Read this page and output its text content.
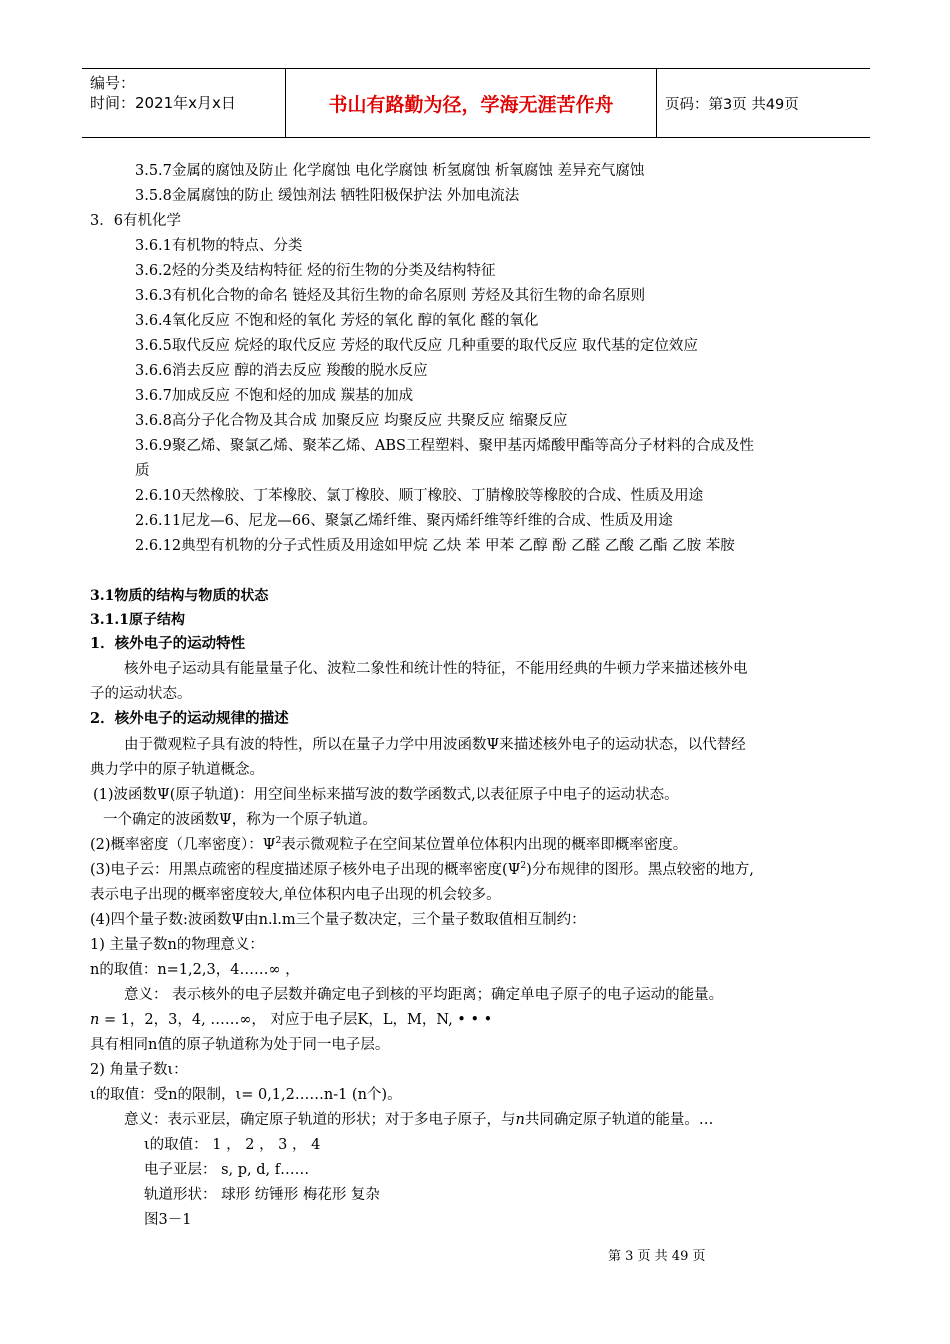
编号：
时间：2021年x月x日	书山有路勤为径，学海无涯苦作舟	页码：第3页 共49页
3.5.7金属的腐蚀及防止 化学腐蚀 电化学腐蚀 析氢腐蚀 析氧腐蚀 差异充气腐蚀
3.5.8金属腐蚀的防止 缓蚀剂法 牺牲阳极保护法 外加电流法
3．6有机化学
3.6.1有机物的特点、分类
3.6.2烃的分类及结构特征 烃的衍生物的分类及结构特征
3.6.3有机化合物的命名 链烃及其衍生物的命名原则 芳烃及其衍生物的命名原则
3.6.4氧化反应 不饱和烃的氧化 芳烃的氧化 醇的氧化 醛的氧化
3.6.5取代反应 烷烃的取代反应 芳烃的取代反应 几种重要的取代反应 取代基的定位效应
3.6.6消去反应 醇的消去反应 羧酸的脱水反应
3.6.7加成反应 不饱和烃的加成 羰基的加成
3.6.8高分子化合物及其合成 加聚反应 均聚反应 共聚反应 缩聚反应
3.6.9聚乙烯、聚氯乙烯、聚苯乙烯、ABS工程塑料、聚甲基丙烯酸甲酯等高分子材料的合成及性
质
2.6.10天然橡胶、丁苯橡胶、氯丁橡胶、顺丁橡胶、丁腈橡胶等橡胶的合成、性质及用途
2.6.11尼龙—6、尼龙—66、聚氯乙烯纤维、聚丙烯纤维等纤维的合成、性质及用途
2.6.12典型有机物的分子式性质及用途如甲烷 乙炔 苯 甲苯 乙醇 酚 乙醛 乙酸 乙酯 乙胺 苯胺
3.1物质的结构与物质的状态
3.1.1原子结构
1．核外电子的运动特性
核外电子运动具有能量量子化、波粒二象性和统计性的特征，不能用经典的牛顿力学来描述核外电
子的运动状态。
2．核外电子的运动规律的描述
由于微观粒子具有波的特性，所以在量子力学中用波函数Ψ来描述核外电子的运动状态，以代替经
典力学中的原子轨道概念。
(1)波函数Ψ(原子轨道)：用空间坐标来描写波的数学函数式,以表征原子中电子的运动状态。
一个确定的波函数Ψ，称为一个原子轨道。
(2)概率密度（几率密度）：$\Psi^2$表示微观粒子在空间某位置单位体积内出现的概率即概率密度。
(3)电子云：用黑点疏密的程度描述原子核外电子出现的概率密度$(\Psi^2)$分布规律的图形。黑点较密的地方,
表示电子出现的概率密度较大,单位体积内电子出现的机会较多。
(4)四个量子数:波函数Ψ由n.l.m三个量子数决定，三个量子数取值相互制约：
1) 主量子数n的物理意义：
n的取值：n=1,2,3，4……∞ ，
意义： 表示核外的电子层数并确定电子到核的平均距离；确定单电子原子的电子运动的能量。
n = 1，2，3，4, ……∞， 对应于电子层K，L，M，N, • • •
具有相同n值的原子轨道称为处于同一电子层。
2) 角量子数ι：
ι的取值：受n的限制，ι= 0,1,2……n-1 (n个)。
意义：表示亚层，确定原子轨道的形状；对于多电子原子，与n共同确定原子轨道的能量。…
ι的取值： 1 ， 2 ， 3 ， 4
电子亚层： s, p, d, f……
轨道形状： 球形 纺锤形 梅花形 复杂
图3－1
第 3 页 共 49 页
